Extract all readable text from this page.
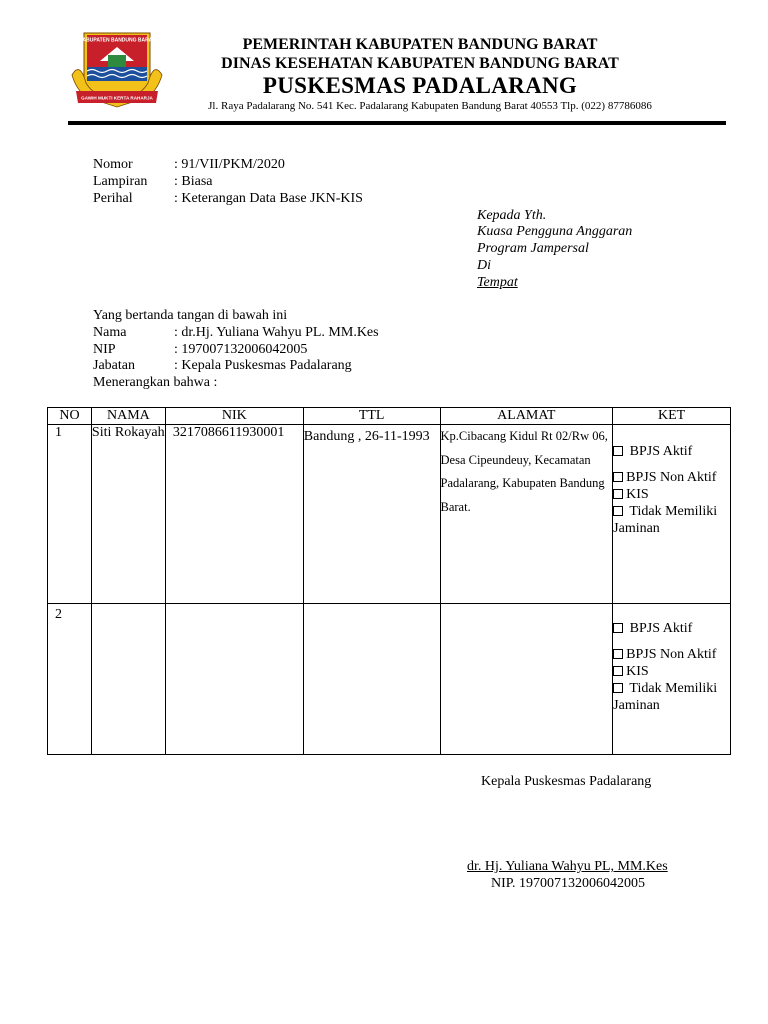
KABUPATEN BANDUNG BARAT
GAWIH MUKTI KERTA RAHARJA
PEMERINTAH KABUPATEN BANDUNG BARAT
DINAS KESEHATAN KABUPATEN BANDUNG BARAT
PUSKESMAS PADALARANG
Jl. Raya Padalarang No. 541 Kec. Padalarang Kabupaten Bandung Barat 40553 Tlp. (022) 87786086
Nomor	: 91/VII/PKM/2020
Lampiran : Biasa
Perihal	: Keterangan Data Base JKN-KIS
Kepada Yth.
Kuasa Pengguna Anggaran
Program Jampersal
Di
Tempat
Yang bertanda tangan di bawah ini
Nama	: dr.Hj. Yuliana Wahyu PL. MM.Kes
NIP	: 197007132006042005
Jabatan	: Kepala Puskesmas Padalarang
Menerangkan bahwa :
NO	NAMA	NIK	TTL	ALAMAT	KET
1	Siti Rokayah	3217086611930001	Bandung , 26-11-1993	Kp.Cibacang Kidul Rt 02/Rw 06, Desa Cipeundeuy, Kecamatan Padalarang, Kabupaten Bandung Barat.	BPJS Aktif
BPJS Non Aktif
KIS
Tidak Memiliki Jaminan

2					BPJS Aktif
BPJS Non Aktif
KIS
Tidak Memiliki Jaminan
Kepala Puskesmas Padalarang
dr. Hj. Yuliana Wahyu PL, MM.Kes
NIP. 197007132006042005
